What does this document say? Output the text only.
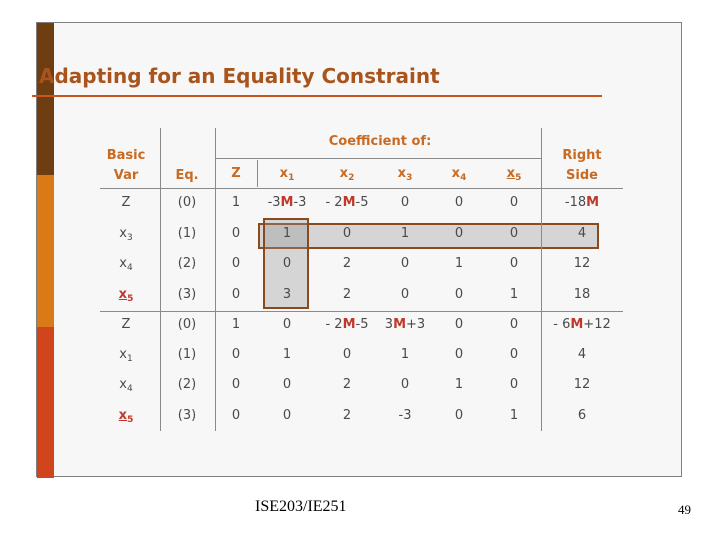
Adapting for an Equality Constraint
Basic
Var	Eq.
Coefficient of:
Z	$x_1$	$x_2$	$x_3$	$x_4$	$x_5$
Right
Side
Z	(0)	1	-3M-3	- 2M-5	0	0	0	-18M
$x_3$	(1)	0	1	0	1	0	0	4
$x_4$	(2)	0	0	2	0	1	0	12
$x_5$	(3)	0	3	2	0	0	1	18
Z	(0)	1	0	- 2M-5	3M+3	0	0	- 6M+12
$x_1$	(1)	0	1	0	1	0	0	4
$x_4$	(2)	0	0	2	0	1	0	12
$x_5$	(3)	0	0	2	-3	0	1	6
ISE203/IE251	49
